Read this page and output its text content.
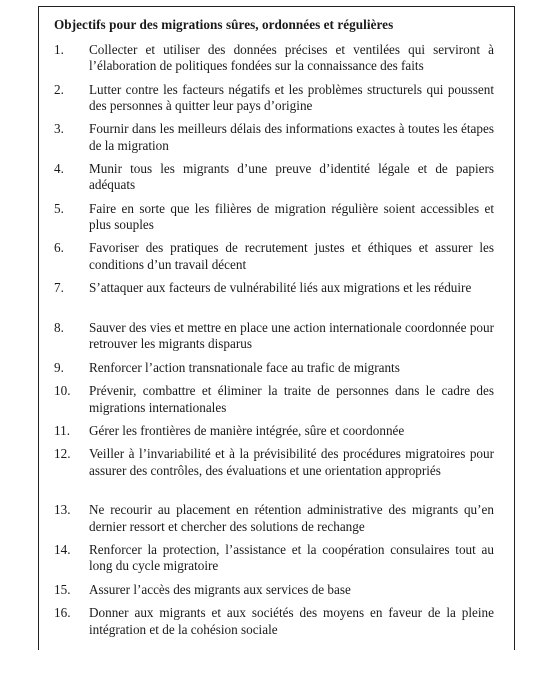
Objectifs pour des migrations sûres, ordonnées et régulières
1. Collecter et utiliser des données précises et ventilées qui serviront à l’élaboration de politiques fondées sur la connaissance des faits
2. Lutter contre les facteurs négatifs et les problèmes structurels qui poussent des personnes à quitter leur pays d’origine
3. Fournir dans les meilleurs délais des informations exactes à toutes les étapes de la migration
4. Munir tous les migrants d’une preuve d’identité légale et de papiers adéquats
5. Faire en sorte que les filières de migration régulière soient accessibles et plus souples
6. Favoriser des pratiques de recrutement justes et éthiques et assurer les conditions d’un travail décent
7. S’attaquer aux facteurs de vulnérabilité liés aux migrations et les réduire
8. Sauver des vies et mettre en place une action internationale coordonnée pour retrouver les migrants disparus
9. Renforcer l’action transnationale face au trafic de migrants
10. Prévenir, combattre et éliminer la traite de personnes dans le cadre des migrations internationales
11. Gérer les frontières de manière intégrée, sûre et coordonnée
12. Veiller à l’invariabilité et à la prévisibilité des procédures migratoires pour assurer des contrôles, des évaluations et une orientation appropriés
13. Ne recourir au placement en rétention administrative des migrants qu’en dernier ressort et chercher des solutions de rechange
14. Renforcer la protection, l’assistance et la coopération consulaires tout au long du cycle migratoire
15. Assurer l’accès des migrants aux services de base
16. Donner aux migrants et aux sociétés des moyens en faveur de la pleine intégration et de la cohésion sociale
